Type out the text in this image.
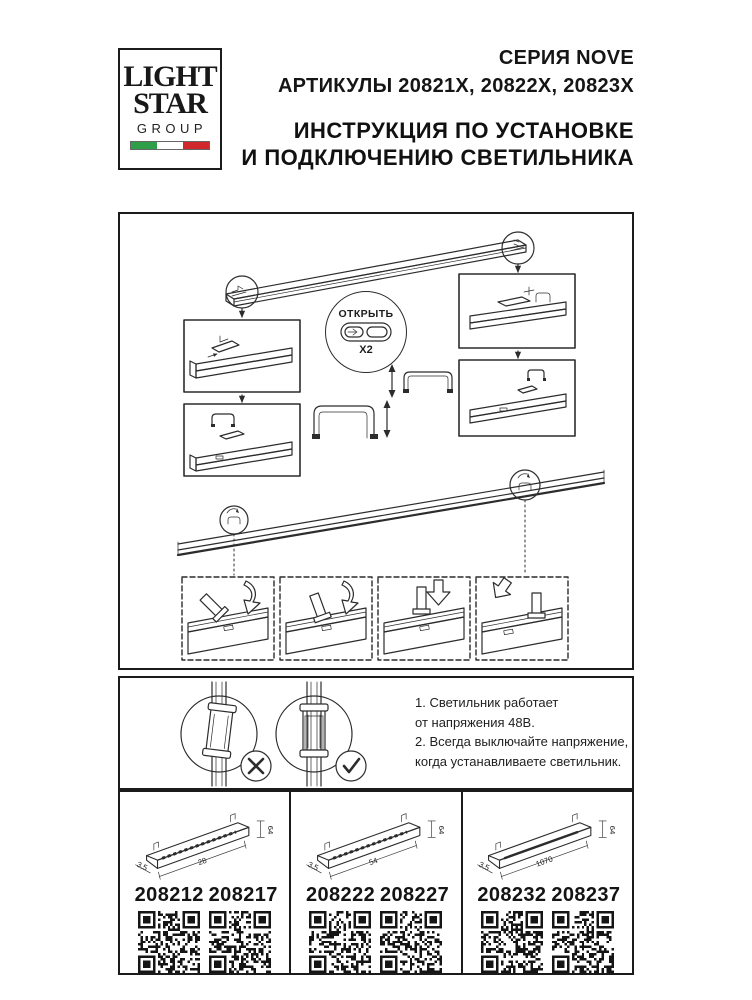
LIGHT
STAR
GROUP
СЕРИЯ NOVE
АРТИКУЛЫ 20821X, 20822X, 20823X
ИНСТРУКЦИЯ ПО УСТАНОВКЕ
И ПОДКЛЮЧЕНИЮ СВЕТИЛЬНИКА
ОТКРЫТЬ
X2
1. Светильник работает
от напряжения 48В.
2. Всегда выключайте напряжение,
когда устанавливаете светильник.
28
3,5
64
208212 208217
54
3,5
64
208222 208227
1070
3,5
64
208232 208237
